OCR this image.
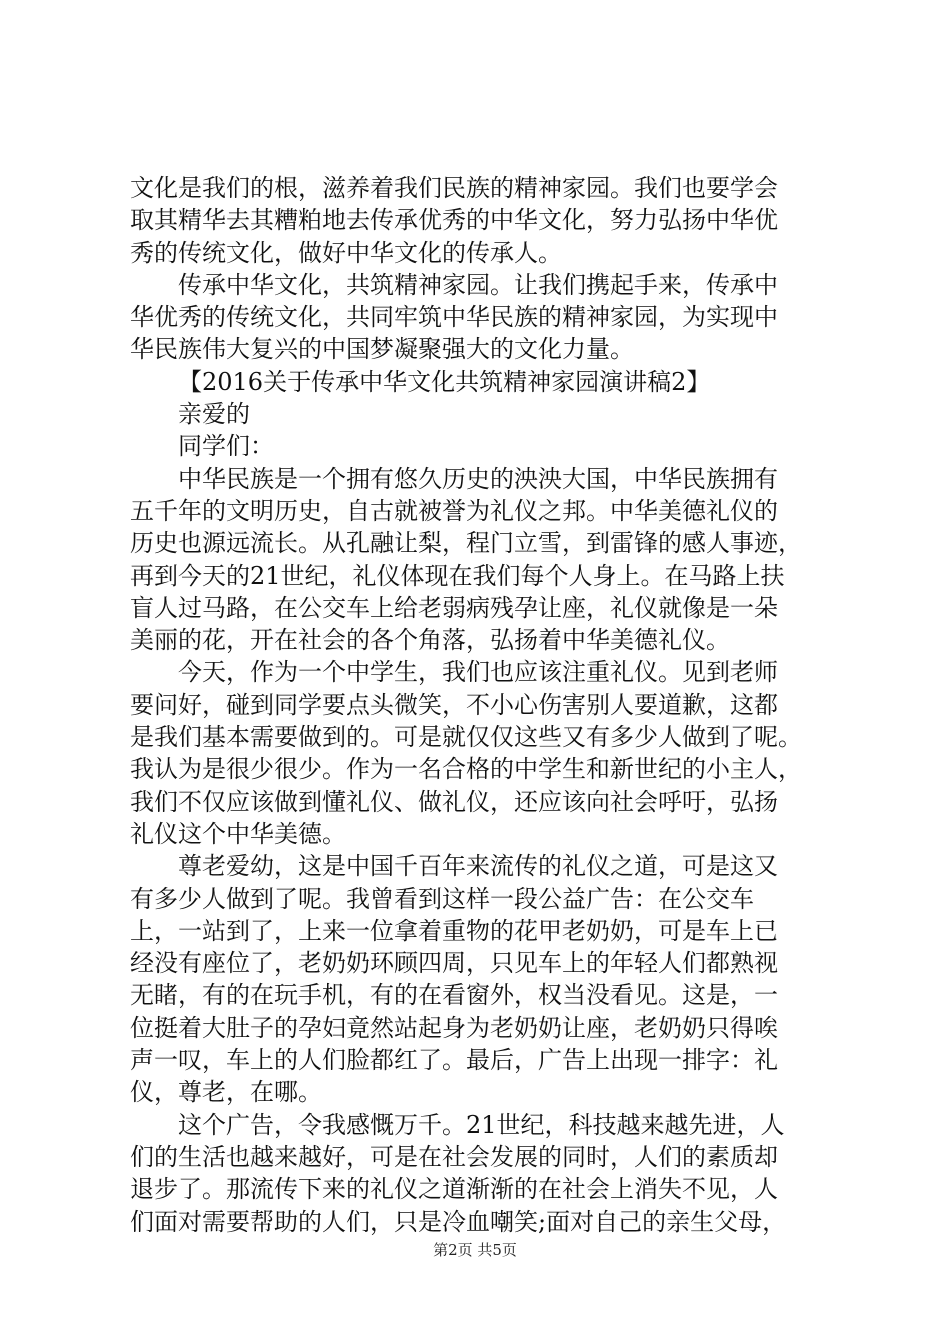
文化是我们的根，滋养着我们民族的精神家园。我们也要学会
取其精华去其糟粕地去传承优秀的中华文化，努力弘扬中华优
秀的传统文化，做好中华文化的传承人。
传承中华文化，共筑精神家园。让我们携起手来，传承中
华优秀的传统文化，共同牢筑中华民族的精神家园，为实现中
华民族伟大复兴的中国梦凝聚强大的文化力量。
【2016关于传承中华文化共筑精神家园演讲稿2】
亲爱的
同学们：
中华民族是一个拥有悠久历史的泱泱大国，中华民族拥有
五千年的文明历史，自古就被誉为礼仪之邦。中华美德礼仪的
历史也源远流长。从孔融让梨，程门立雪，到雷锋的感人事迹，
再到今天的21世纪，礼仪体现在我们每个人身上。在马路上扶
盲人过马路，在公交车上给老弱病残孕让座，礼仪就像是一朵
美丽的花，开在社会的各个角落，弘扬着中华美德礼仪。
今天，作为一个中学生，我们也应该注重礼仪。见到老师
要问好，碰到同学要点头微笑，不小心伤害别人要道歉，这都
是我们基本需要做到的。可是就仅仅这些又有多少人做到了呢。
我认为是很少很少。作为一名合格的中学生和新世纪的小主人，
我们不仅应该做到懂礼仪、做礼仪，还应该向社会呼吁，弘扬
礼仪这个中华美德。
尊老爱幼，这是中国千百年来流传的礼仪之道，可是这又
有多少人做到了呢。我曾看到这样一段公益广告：在公交车
上，一站到了，上来一位拿着重物的花甲老奶奶，可是车上已
经没有座位了，老奶奶环顾四周，只见车上的年轻人们都熟视
无睹，有的在玩手机，有的在看窗外，权当没看见。这是，一
位挺着大肚子的孕妇竟然站起身为老奶奶让座，老奶奶只得唉
声一叹，车上的人们脸都红了。最后，广告上出现一排字：礼
仪，尊老，在哪。
这个广告，令我感慨万千。21世纪，科技越来越先进，人
们的生活也越来越好，可是在社会发展的同时，人们的素质却
退步了。那流传下来的礼仪之道渐渐的在社会上消失不见，人
们面对需要帮助的人们，只是冷血嘲笑;面对自己的亲生父母，
第2页 共5页
